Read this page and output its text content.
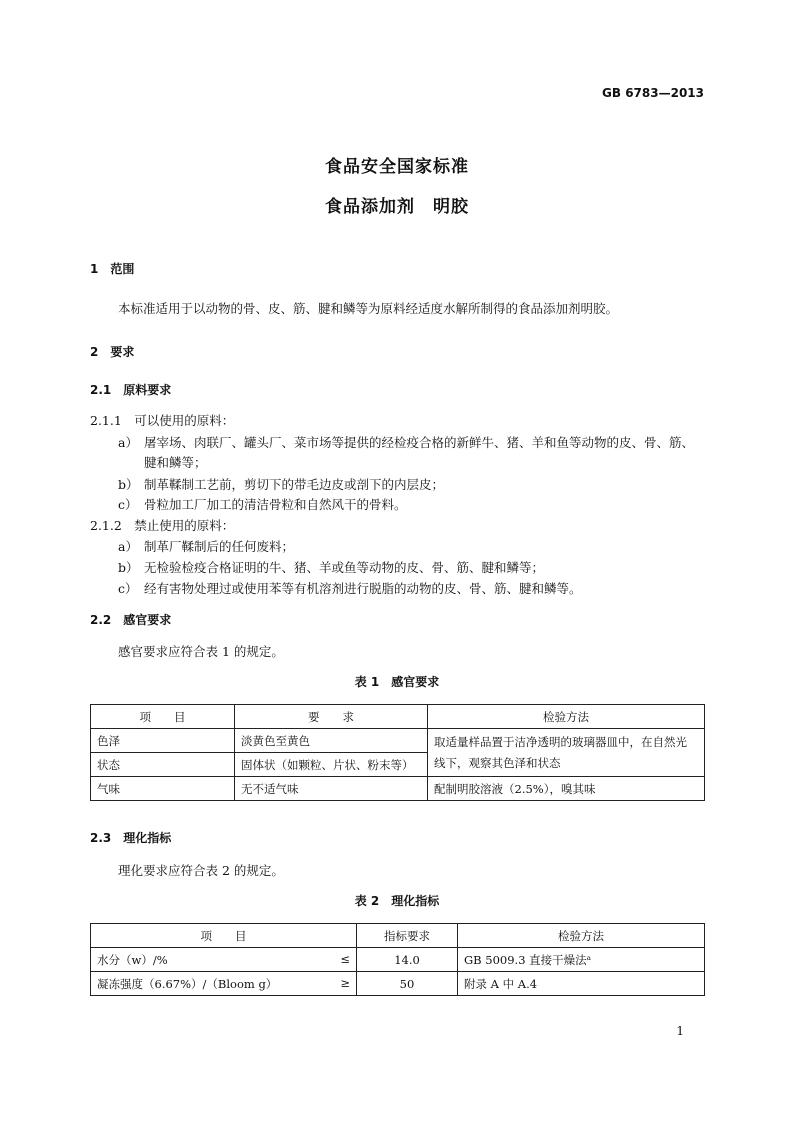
GB 6783—2013
食品安全国家标准
食品添加剂　明胶
1　范围
本标准适用于以动物的骨、皮、筋、腱和鳞等为原料经适度水解所制得的食品添加剂明胶。
2　要求
2.1　原料要求
2.1.1　可以使用的原料：
a） 屠宰场、肉联厂、罐头厂、菜市场等提供的经检疫合格的新鲜牛、猪、羊和鱼等动物的皮、骨、筋、
腱和鳞等；
b） 制革鞣制工艺前，剪切下的带毛边皮或剖下的内层皮；
c） 骨粒加工厂加工的清洁骨粒和自然风干的骨料。
2.1.2　禁止使用的原料：
a） 制革厂鞣制后的任何废料；
b） 无检验检疫合格证明的牛、猪、羊或鱼等动物的皮、骨、筋、腱和鳞等；
c） 经有害物处理过或使用苯等有机溶剂进行脱脂的动物的皮、骨、筋、腱和鳞等。
2.2　感官要求
感官要求应符合表 1 的规定。
表 1　感官要求
项　　目	要　　求	检验方法
色泽	淡黄色至黄色	取适量样品置于洁净透明的玻璃器皿中，在自然光线下，观察其色泽和状态
状态	固体状（如颗粒、片状、粉末等）	
气味	无不适气味	配制明胶溶液（2.5%），嗅其味
2.3　理化指标
理化要求应符合表 2 的规定。
表 2　理化指标
项　　目	指标要求	检验方法
水分（w）/% ≤	14.0	GB 5009.3 直接干燥法ᵃ
凝冻强度（6.67%）/（Bloom g） ≥	50	附录 A 中 A.4
1
